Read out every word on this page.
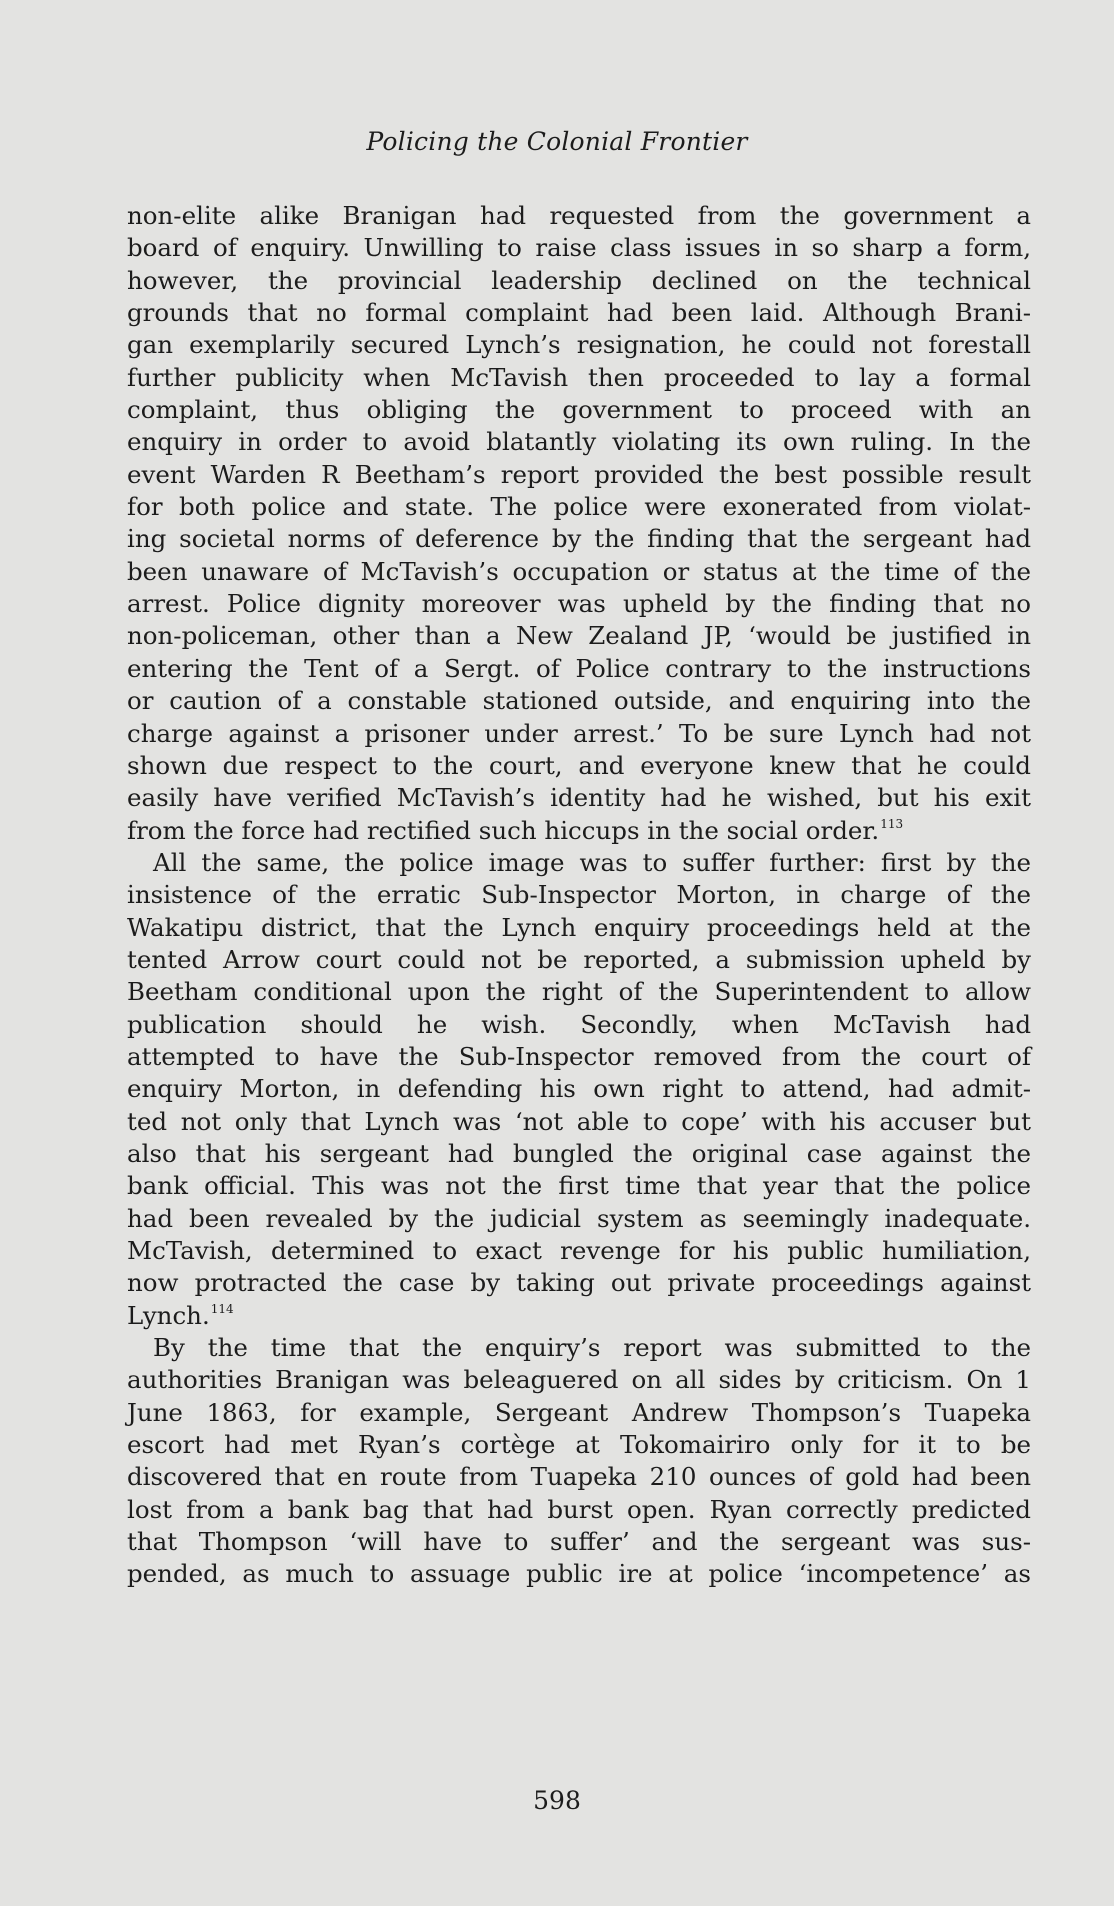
Policing the Colonial Frontier
non-elite alike Branigan had requested from the government a
board of enquiry. Unwilling to raise class issues in so sharp a form,
however, the provincial leadership declined on the technical
grounds that no formal complaint had been laid. Although Brani-
gan exemplarily secured Lynch’s resignation, he could not forestall
further publicity when McTavish then proceeded to lay a formal
complaint, thus obliging the government to proceed with an
enquiry in order to avoid blatantly violating its own ruling. In the
event Warden R Beetham’s report provided the best possible result
for both police and state. The police were exonerated from violat-
ing societal norms of deference by the finding that the sergeant had
been unaware of McTavish’s occupation or status at the time of the
arrest. Police dignity moreover was upheld by the finding that no
non-policeman, other than a New Zealand JP, ‘would be justified in
entering the Tent of a Sergt. of Police contrary to the instructions
or caution of a constable stationed outside, and enquiring into the
charge against a prisoner under arrest.’ To be sure Lynch had not
shown due respect to the court, and everyone knew that he could
easily have verified McTavish’s identity had he wished, but his exit
from the force had rectified such hiccups in the social order.$^{113}$
All the same, the police image was to suffer further: first by the
insistence of the erratic Sub-Inspector Morton, in charge of the
Wakatipu district, that the Lynch enquiry proceedings held at the
tented Arrow court could not be reported, a submission upheld by
Beetham conditional upon the right of the Superintendent to allow
publication should he wish. Secondly, when McTavish had
attempted to have the Sub-Inspector removed from the court of
enquiry Morton, in defending his own right to attend, had admit-
ted not only that Lynch was ‘not able to cope’ with his accuser but
also that his sergeant had bungled the original case against the
bank official. This was not the first time that year that the police
had been revealed by the judicial system as seemingly inadequate.
McTavish, determined to exact revenge for his public humiliation,
now protracted the case by taking out private proceedings against
Lynch.$^{114}$
By the time that the enquiry’s report was submitted to the
authorities Branigan was beleaguered on all sides by criticism. On 1
June 1863, for example, Sergeant Andrew Thompson’s Tuapeka
escort had met Ryan’s cortège at Tokomairiro only for it to be
discovered that en route from Tuapeka 210 ounces of gold had been
lost from a bank bag that had burst open. Ryan correctly predicted
that Thompson ‘will have to suffer’ and the sergeant was sus-
pended, as much to assuage public ire at police ‘incompetence’ as
598
